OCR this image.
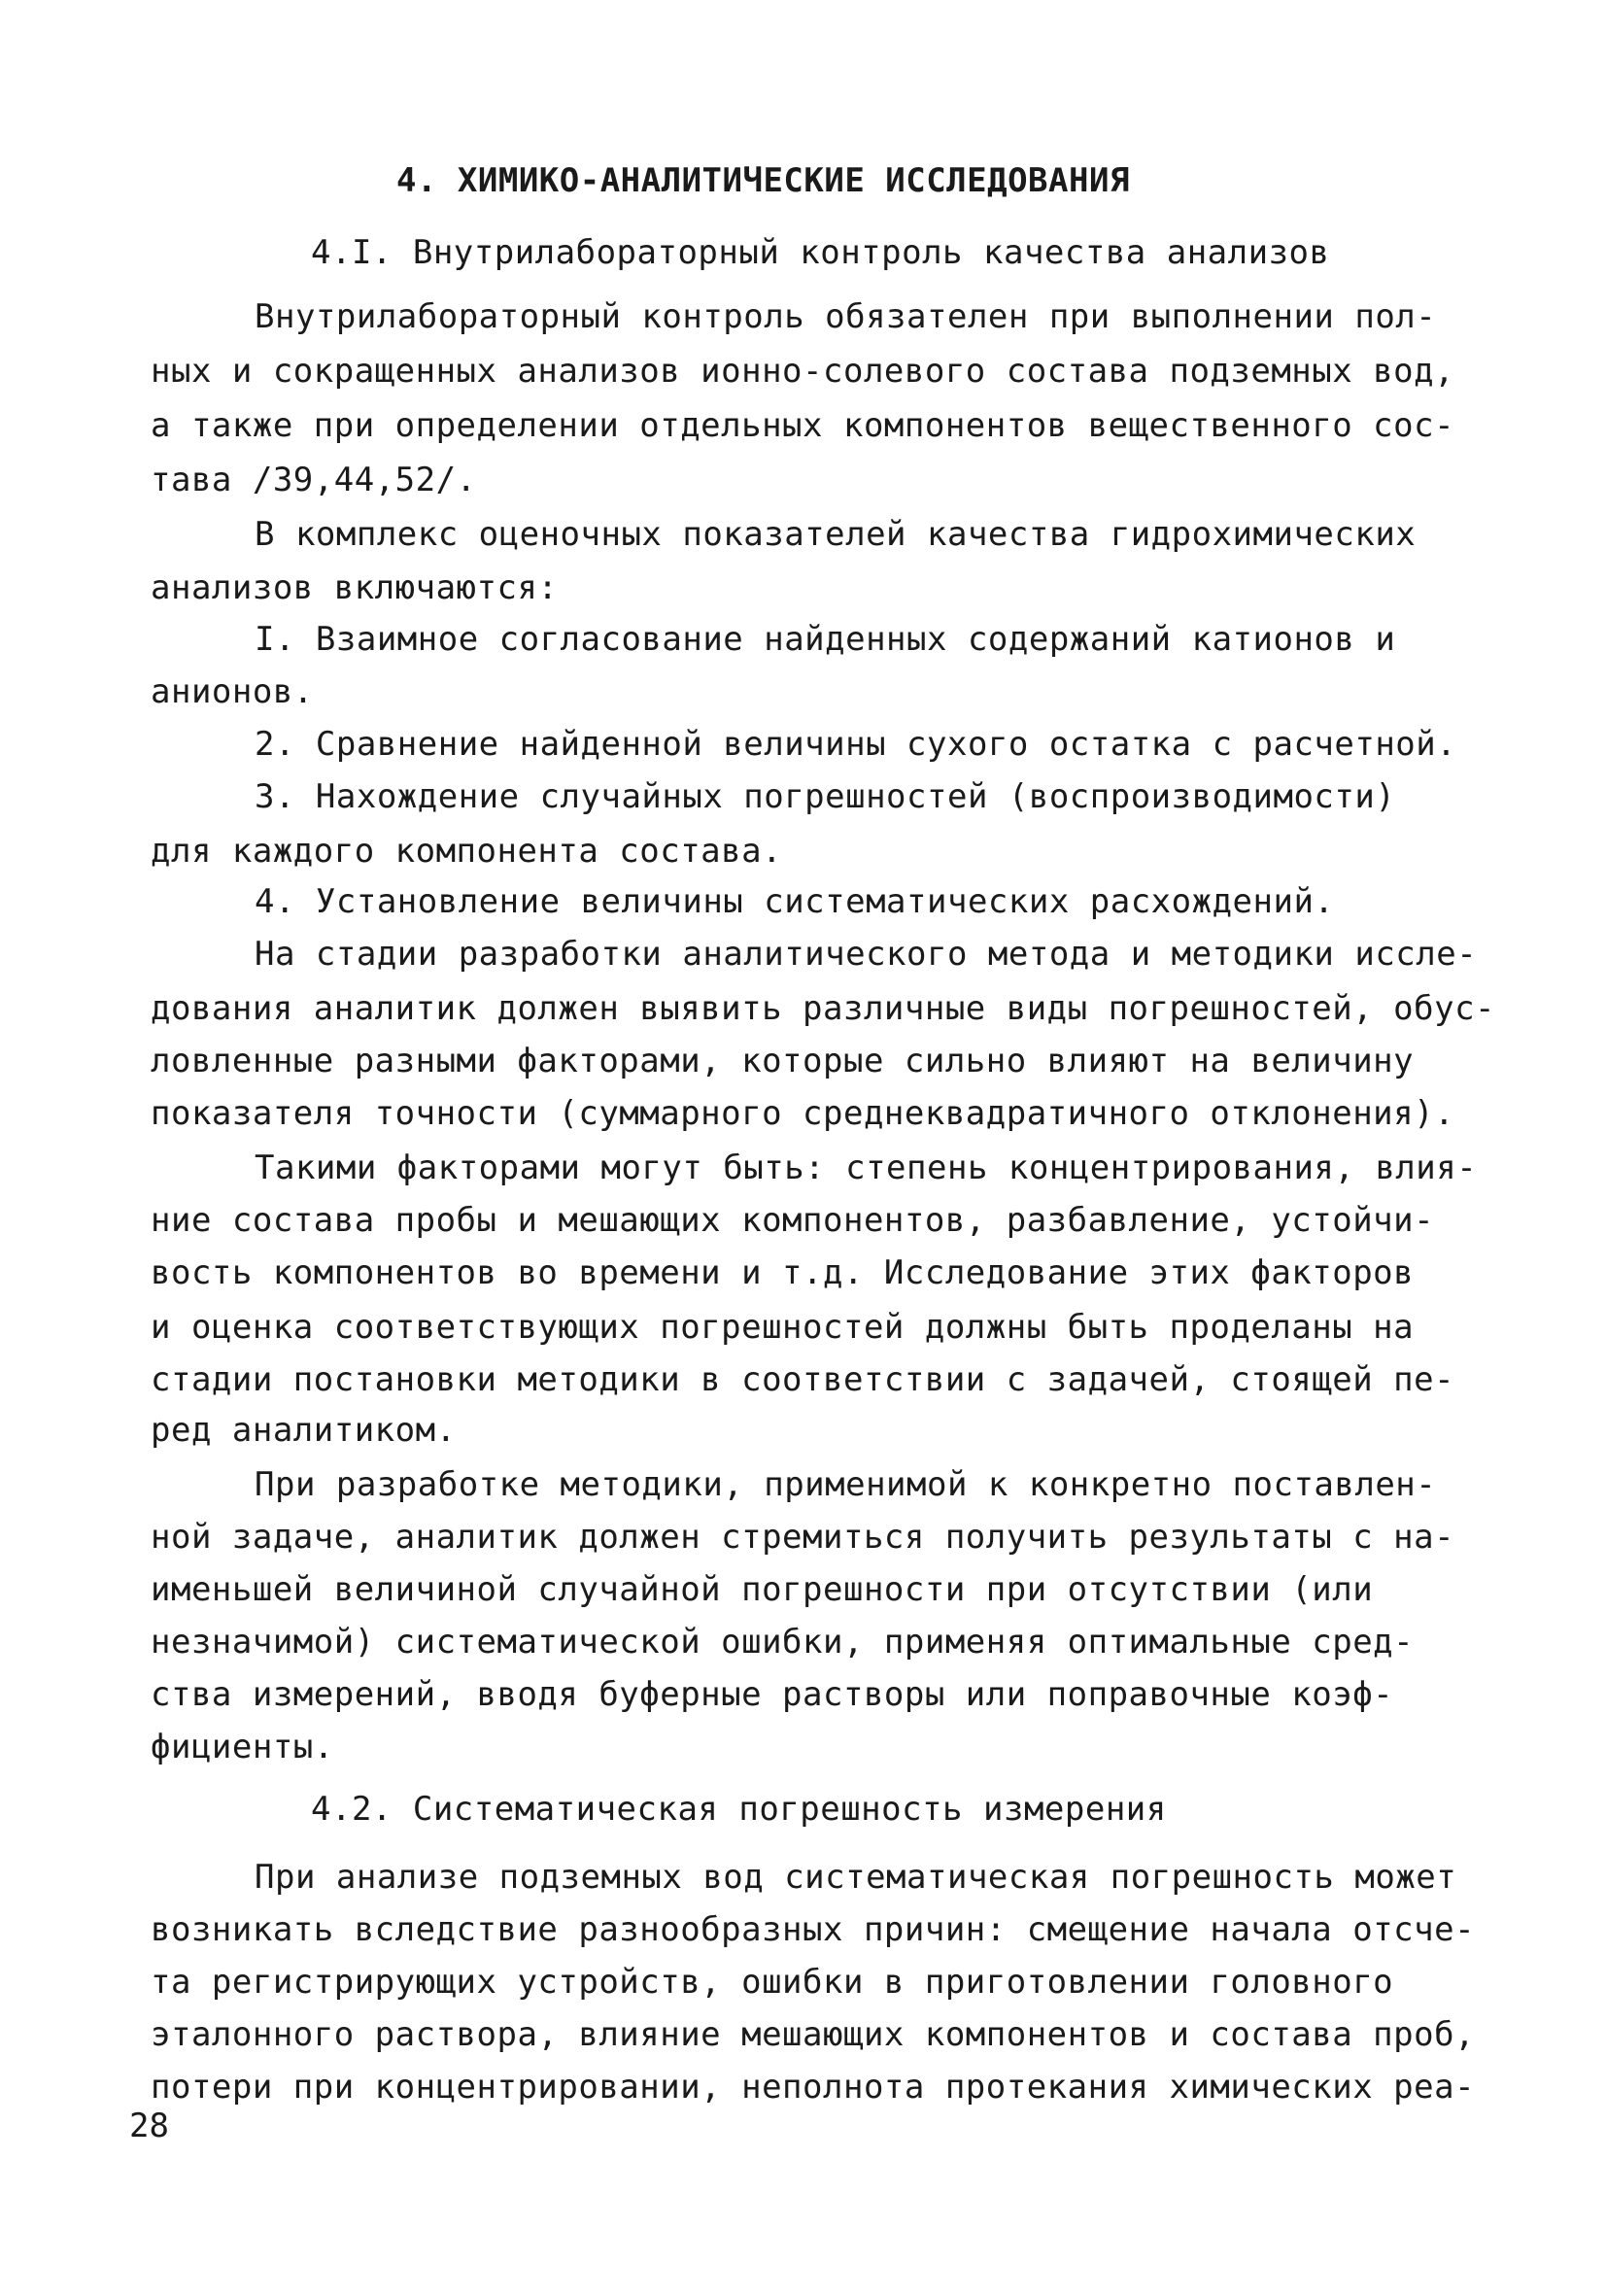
4. ХИМИКО-АНАЛИТИЧЕСКИЕ ИССЛЕДОВАНИЯ
4.I. Внутрилабораторный контроль качества анализов
Внутрилабораторный контроль обязателен при выполнении пол-
ных и сокращенных анализов ионно-солевого состава подземных вод,
а также при определении отдельных компонентов вещественного сос-
тава /39,44,52/.
В комплекс оценочных показателей качества гидрохимических
анализов включаются:
I. Взаимное согласование найденных содержаний катионов и
анионов.
2. Сравнение найденной величины сухого остатка с расчетной.
3. Нахождение случайных погрешностей (воспроизводимости)
для каждого компонента состава.
4. Установление величины систематических расхождений.
На стадии разработки аналитического метода и методики иссле-
дования аналитик должен выявить различные виды погрешностей, обус-
ловленные разными факторами, которые сильно влияют на величину
показателя точности (суммарного среднеквадратичного отклонения).
Такими факторами могут быть: степень концентрирования, влия-
ние состава пробы и мешающих компонентов, разбавление, устойчи-
вость компонентов во времени и т.д. Исследование этих факторов
и оценка соответствующих погрешностей должны быть проделаны на
стадии постановки методики в соответствии с задачей, стоящей пе-
ред аналитиком.
При разработке методики, применимой к конкретно поставлен-
ной задаче, аналитик должен стремиться получить результаты с на-
именьшей величиной случайной погрешности при отсутствии (или
незначимой) систематической ошибки, применяя оптимальные сред-
ства измерений, вводя буферные растворы или поправочные коэф-
фициенты.
4.2. Систематическая погрешность измерения
При анализе подземных вод систематическая погрешность может
возникать вследствие разнообразных причин: смещение начала отсче-
та регистрирующих устройств, ошибки в приготовлении головного
эталонного раствора, влияние мешающих компонентов и состава проб,
потери при концентрировании, неполнота протекания химических реа-
28
